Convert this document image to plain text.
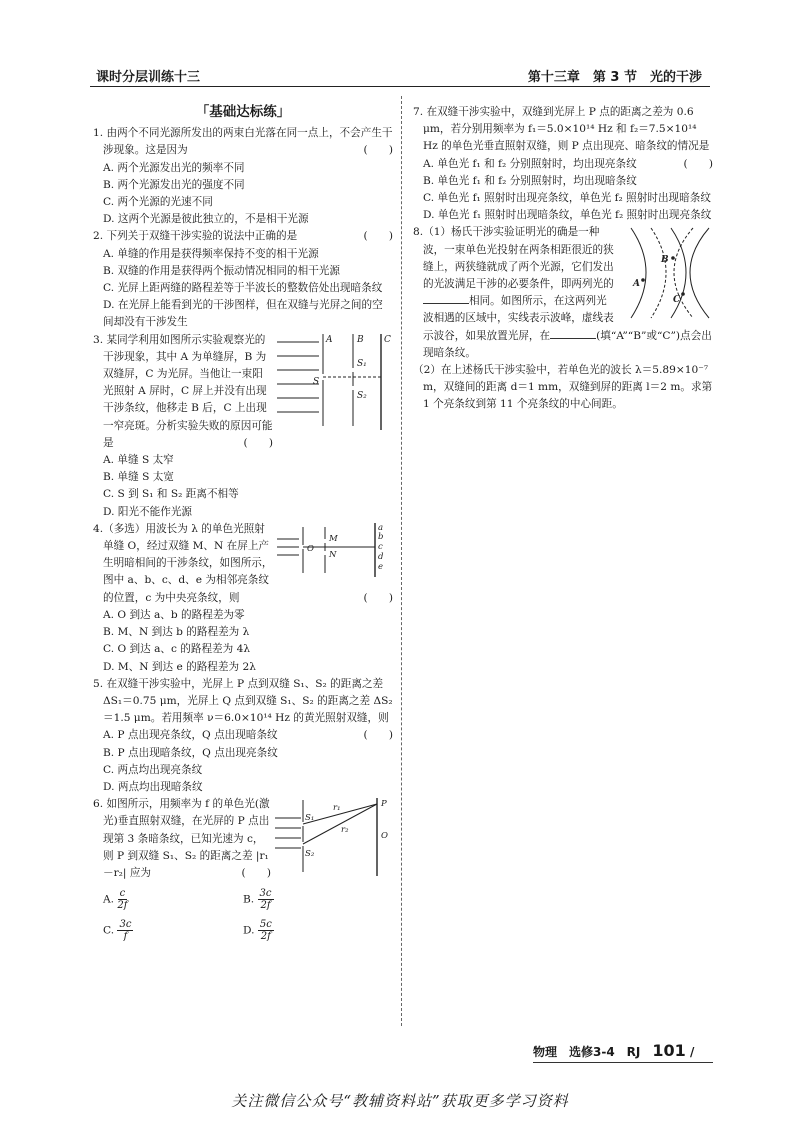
课时分层训练十三	第十三章　第 3 节　光的干涉
「基础达标练」
1. 由两个不同光源所发出的两束白光落在同一点上，不会产生干涉现象。这是因为	(　　)
A. 两个光源发出光的频率不同
B. 两个光源发出光的强度不同
C. 两个光源的光速不同
D. 这两个光源是彼此独立的，不是相干光源
2. 下列关于双缝干涉实验的说法中正确的是	(　　)
A. 单缝的作用是获得频率保持不变的相干光源
B. 双缝的作用是获得两个振动情况相同的相干光源
C. 光屏上距两缝的路程差等于半波长的整数倍处出现暗条纹
D. 在光屏上能看到光的干涉图样，但在双缝与光屏之间的空间却没有干涉发生
A	B C
S
S₁
S₂
3. 某同学利用如图所示实验观察光的干涉现象，其中 A 为单缝屏，B 为双缝屏，C 为光屏。当他让一束阳光照射 A 屏时，C 屏上并没有出现干涉条纹，他移走 B 后，C 上出现一窄亮斑。分析实验失败的原因可能是	(　　)
A. 单缝 S 太窄
B. 单缝 S 太宽
C. S 到 S₁ 和 S₂ 距离不相等
D. 阳光不能作光源
O
M
N
a
b
c
d
e
4.（多选）用波长为 λ 的单色光照射单缝 O，经过双缝 M、N 在屏上产生明暗相间的干涉条纹，如图所示，图中 a、b、c、d、e 为相邻亮条纹的位置，c 为中央亮条纹，则	(　　)
A. O 到达 a、b 的路程差为零
B. M、N 到达 b 的路程差为 λ
C. O 到达 a、c 的路程差为 4λ
D. M、N 到达 e 的路程差为 2λ
5. 在双缝干涉实验中，光屏上 P 点到双缝 S₁、S₂ 的距离之差 ΔS₁＝0.75 μm，光屏上 Q 点到双缝 S₁、S₂ 的距离之差 ΔS₂＝1.5 μm。若用频率 ν＝6.0×10¹⁴ Hz 的黄光照射双缝，则
(　　)
A. P 点出现亮条纹，Q 点出现暗条纹
B. P 点出现暗条纹，Q 点出现亮条纹
C. 两点均出现亮条纹
D. 两点均出现暗条纹
P
O
S₁
S₂
r₁
r₂
6. 如图所示，用频率为 f 的单色光(激光)垂直照射双缝，在光屏的 P 点出现第 3 条暗条纹，已知光速为 c，则 P 到双缝 S₁、S₂ 的距离之差 |r₁－r₂| 应为	(　　)
A. $\frac{c}{2f}$	B. $\frac{3c}{2f}$
C. $\frac{3c}{f}$	D. $\frac{5c}{2f}$
7. 在双缝干涉实验中，双缝到光屏上 P 点的距离之差为 0.6 μm，若分别用频率为 f₁＝5.0×10¹⁴ Hz 和 f₂＝7.5×10¹⁴ Hz 的单色光垂直照射双缝，则 P 点出现亮、暗条纹的情况是
(　　)
A. 单色光 f₁ 和 f₂ 分别照射时，均出现亮条纹
B. 单色光 f₁ 和 f₂ 分别照射时，均出现暗条纹
C. 单色光 f₁ 照射时出现亮条纹，单色光 f₂ 照射时出现暗条纹
D. 单色光 f₁ 照射时出现暗条纹，单色光 f₂ 照射时出现亮条纹
A
B
C
8.（1）杨氏干涉实验证明光的确是一种波，一束单色光投射在两条相距很近的狭缝上，两狭缝就成了两个光源，它们发出的光波满足干涉的必要条件，即两列光的相同。如图所示，在这两列光波相遇的区域中，实线表示波峰，虚线表示波谷，如果放置光屏，在	(填“A”“B”或“C”)点会出现暗条纹。
（2）在上述杨氏干涉实验中，若单色光的波长 λ＝5.89×10⁻⁷ m，双缝间的距离 d＝1 mm，双缝到屏的距离 l＝2 m。求第 1 个亮条纹到第 11 个亮条纹的中心间距。
物理　选修3-4　RJ　 101 /
关注微信公众号“教辅资料站”获取更多学习资料
